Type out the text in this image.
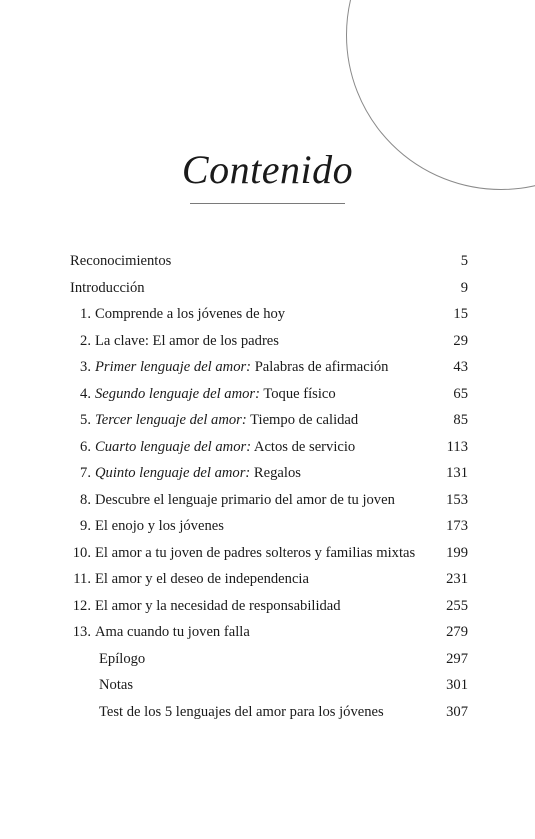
Contenido
Reconocimientos	5
Introducción	9
1. Comprende a los jóvenes de hoy	15
2. La clave: El amor de los padres	29
3. Primer lenguaje del amor: Palabras de afirmación	43
4. Segundo lenguaje del amor: Toque físico	65
5. Tercer lenguaje del amor: Tiempo de calidad	85
6. Cuarto lenguaje del amor: Actos de servicio	113
7. Quinto lenguaje del amor: Regalos	131
8. Descubre el lenguaje primario del amor de tu joven	153
9. El enojo y los jóvenes	173
10. El amor a tu joven de padres solteros y familias mixtas 199
11. El amor y el deseo de independencia	231
12. El amor y la necesidad de responsabilidad	255
13. Ama cuando tu joven falla	279
Epílogo	297
Notas	301
Test de los 5 lenguajes del amor para los jóvenes	307
